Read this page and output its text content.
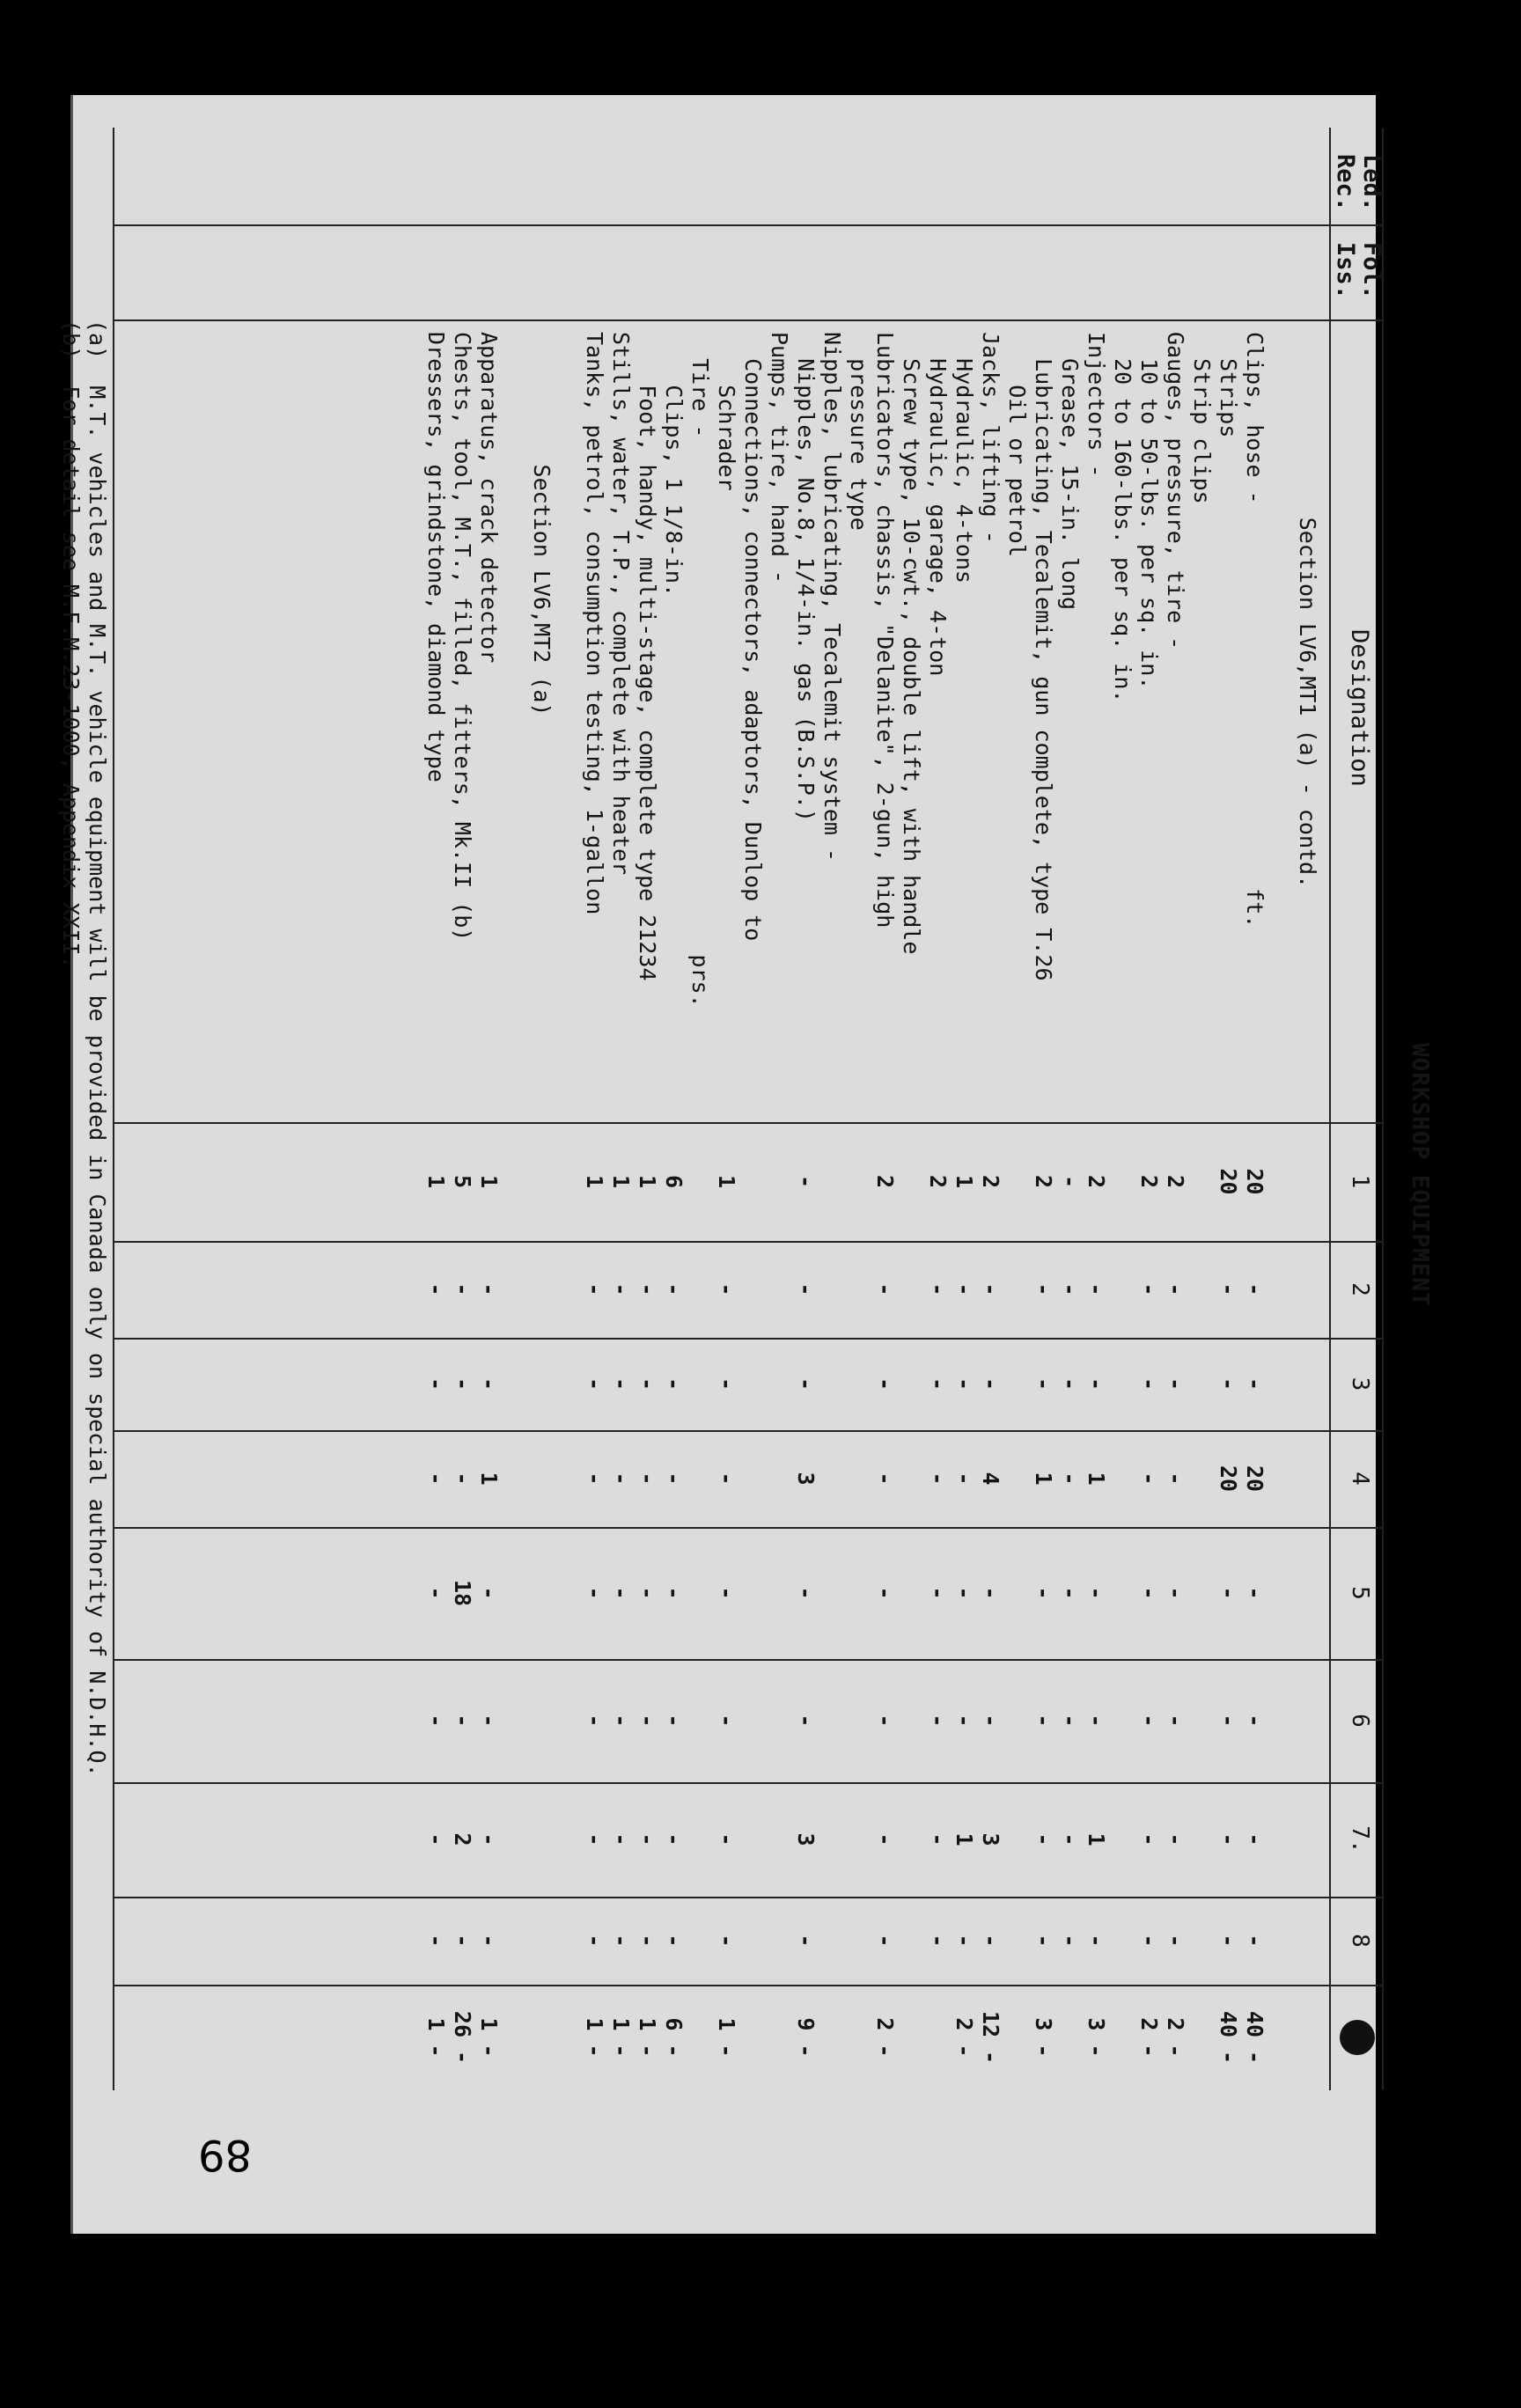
WORKSHOP EQUIPMENT
Led.
Rec.
Fol.
Iss.
Designation
1
2
3
4
5
6
7.
8
Section LV6,MT1 (a) - contd.
Clips, hose -                             ft.
20
-
-
20
-
-
-
-
40 -
Strips
20
-
-
20
-
-
-
-
40 -
Strip clips
Gauges, pressure, tire -
2
-
-
-
-
-
-
-
2 -
10 to 50-lbs. per sq. in.
2
-
-
-
-
-
-
-
2 -
20 to 160-lbs. per sq. in.
Injectors -
2
-
-
1
-
-
1
-
3 -
Grease, 15-in. long
-
-
-
-
-
-
-
-
Lubricating, Tecalemit, gun complete, type T.26
2
-
-
1
-
-
-
-
3 -
Oil or petrol
Jacks, lifting -
2
-
-
4
-
-
3
-
12 -
Hydraulic, 4-tons
1
-
-
-
-
-
1
-
2 -
Hydraulic, garage, 4-ton
2
-
-
-
-
-
-
-
Screw type, 10-cwt., double lift, with handle
Lubricators, chassis, "Delanite", 2-gun, high
2
-
-
-
-
-
-
-
2 -
pressure type
Nipples, lubricating, Tecalemit system -
Nipples, No.8, 1/4-in. gas (B.S.P.)
-
-
-
3
-
-
3
-
9 -
Pumps, tire, hand -
Connections, connectors, adaptors, Dunlop to
Schrader
1
-
-
-
-
-
-
-
1 -
Tire -                                       prs.
Clips, 1 1/8-in.
6
-
-
-
-
-
-
-
6 -
Foot, handy, multi-stage, complete type 21234
1
-
-
-
-
-
-
-
1 -
Stills, water, T.P., complete with heater
1
-
-
-
-
-
-
-
1 -
Tanks, petrol, consumption testing, 1-gallon
1
-
-
-
-
-
-
-
1 -
Section LV6,MT2 (a)
Apparatus, crack detector
1
-
-
1
-
-
-
-
1 -
Chests, tool, M.T., filled, fitters, Mk.II (b)
5
-
-
-
18
-
2
-
26 -
Dressers, grindstone, diamond type
1
-
-
-
-
-
-
-
1 -
(a)  M.T. vehicles and M.T. vehicle equipment will be provided in Canada only on special authority of N.D.H.Q.
(b)  For detail see M.F.M.23-1000, Appendix XXII.
89
